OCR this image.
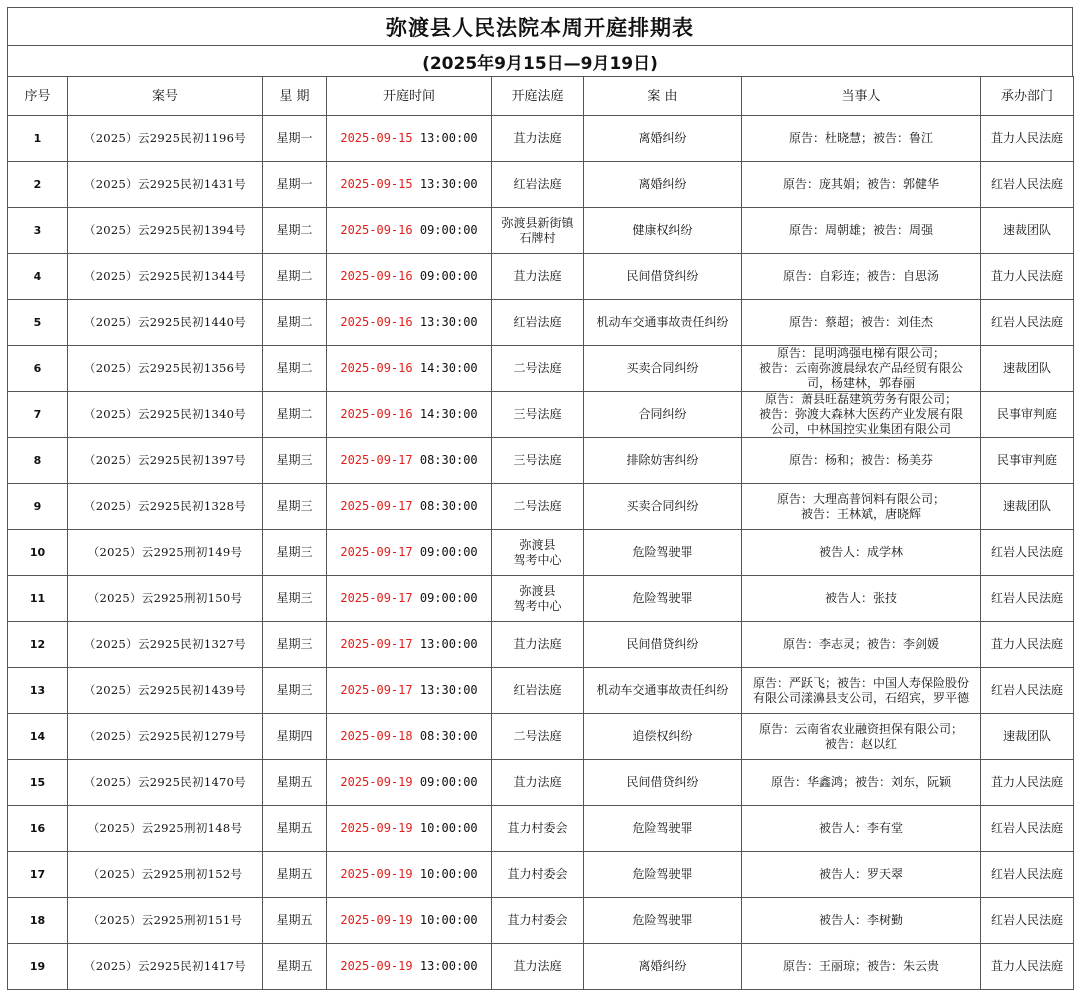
弥渡县人民法院本周开庭排期表
(2025年9月15日—9月19日)
序号	案号	星 期	开庭时间	开庭法庭	案 由	当事人	承办部门
1	（2025）云2925民初1196号	星期一	2025-09-15 13:00:00	苴力法庭	离婚纠纷	原告：杜晓慧；被告：鲁江	苴力人民法庭
2	（2025）云2925民初1431号	星期一	2025-09-15 13:30:00	红岩法庭	离婚纠纷	原告：庞其娟；被告：郭健华	红岩人民法庭
3	（2025）云2925民初1394号	星期二	2025-09-16 09:00:00	弥渡县新街镇
石牌村	健康权纠纷	原告：周朝雄；被告：周强	速裁团队
4	（2025）云2925民初1344号	星期二	2025-09-16 09:00:00	苴力法庭	民间借贷纠纷	原告：自彩连；被告：自思汤	苴力人民法庭
5	（2025）云2925民初1440号	星期二	2025-09-16 13:30:00	红岩法庭	机动车交通事故责任纠纷	原告：蔡超；被告：刘佳杰	红岩人民法庭
6	（2025）云2925民初1356号	星期二	2025-09-16 14:30:00	二号法庭	买卖合同纠纷	原告：昆明鸿强电梯有限公司；
被告：云南弥渡晨绿农产品经贸有限公
司，杨建林，郭春丽	速裁团队
7	（2025）云2925民初1340号	星期二	2025-09-16 14:30:00	三号法庭	合同纠纷	原告：萧县旺磊建筑劳务有限公司；
被告：弥渡大森林大医药产业发展有限
公司，中林国控实业集团有限公司	民事审判庭
8	（2025）云2925民初1397号	星期三	2025-09-17 08:30:00	三号法庭	排除妨害纠纷	原告：杨和；被告：杨美芬	民事审判庭
9	（2025）云2925民初1328号	星期三	2025-09-17 08:30:00	二号法庭	买卖合同纠纷	原告：大理高普饲料有限公司；
被告：王林斌，唐晓辉	速裁团队
10	（2025）云2925刑初149号	星期三	2025-09-17 09:00:00	弥渡县
驾考中心	危险驾驶罪	被告人：成学林	红岩人民法庭
11	（2025）云2925刑初150号	星期三	2025-09-17 09:00:00	弥渡县
驾考中心	危险驾驶罪	被告人：张技	红岩人民法庭
12	（2025）云2925民初1327号	星期三	2025-09-17 13:00:00	苴力法庭	民间借贷纠纷	原告：李志灵；被告：李剑媛	苴力人民法庭
13	（2025）云2925民初1439号	星期三	2025-09-17 13:30:00	红岩法庭	机动车交通事故责任纠纷	原告：严跃飞；被告：中国人寿保险股份
有限公司漾濞县支公司，石绍宾，罗平德	红岩人民法庭
14	（2025）云2925民初1279号	星期四	2025-09-18 08:30:00	二号法庭	追偿权纠纷	原告：云南省农业融资担保有限公司；
被告：赵以红	速裁团队
15	（2025）云2925民初1470号	星期五	2025-09-19 09:00:00	苴力法庭	民间借贷纠纷	原告：华鑫鸿；被告：刘东，阮颖	苴力人民法庭
16	（2025）云2925刑初148号	星期五	2025-09-19 10:00:00	苴力村委会	危险驾驶罪	被告人：李有堂	红岩人民法庭
17	（2025）云2925刑初152号	星期五	2025-09-19 10:00:00	苴力村委会	危险驾驶罪	被告人：罗天翠	红岩人民法庭
18	（2025）云2925刑初151号	星期五	2025-09-19 10:00:00	苴力村委会	危险驾驶罪	被告人：李树勤	红岩人民法庭
19	（2025）云2925民初1417号	星期五	2025-09-19 13:00:00	苴力法庭	离婚纠纷	原告：王丽琼；被告：朱云贵	苴力人民法庭
